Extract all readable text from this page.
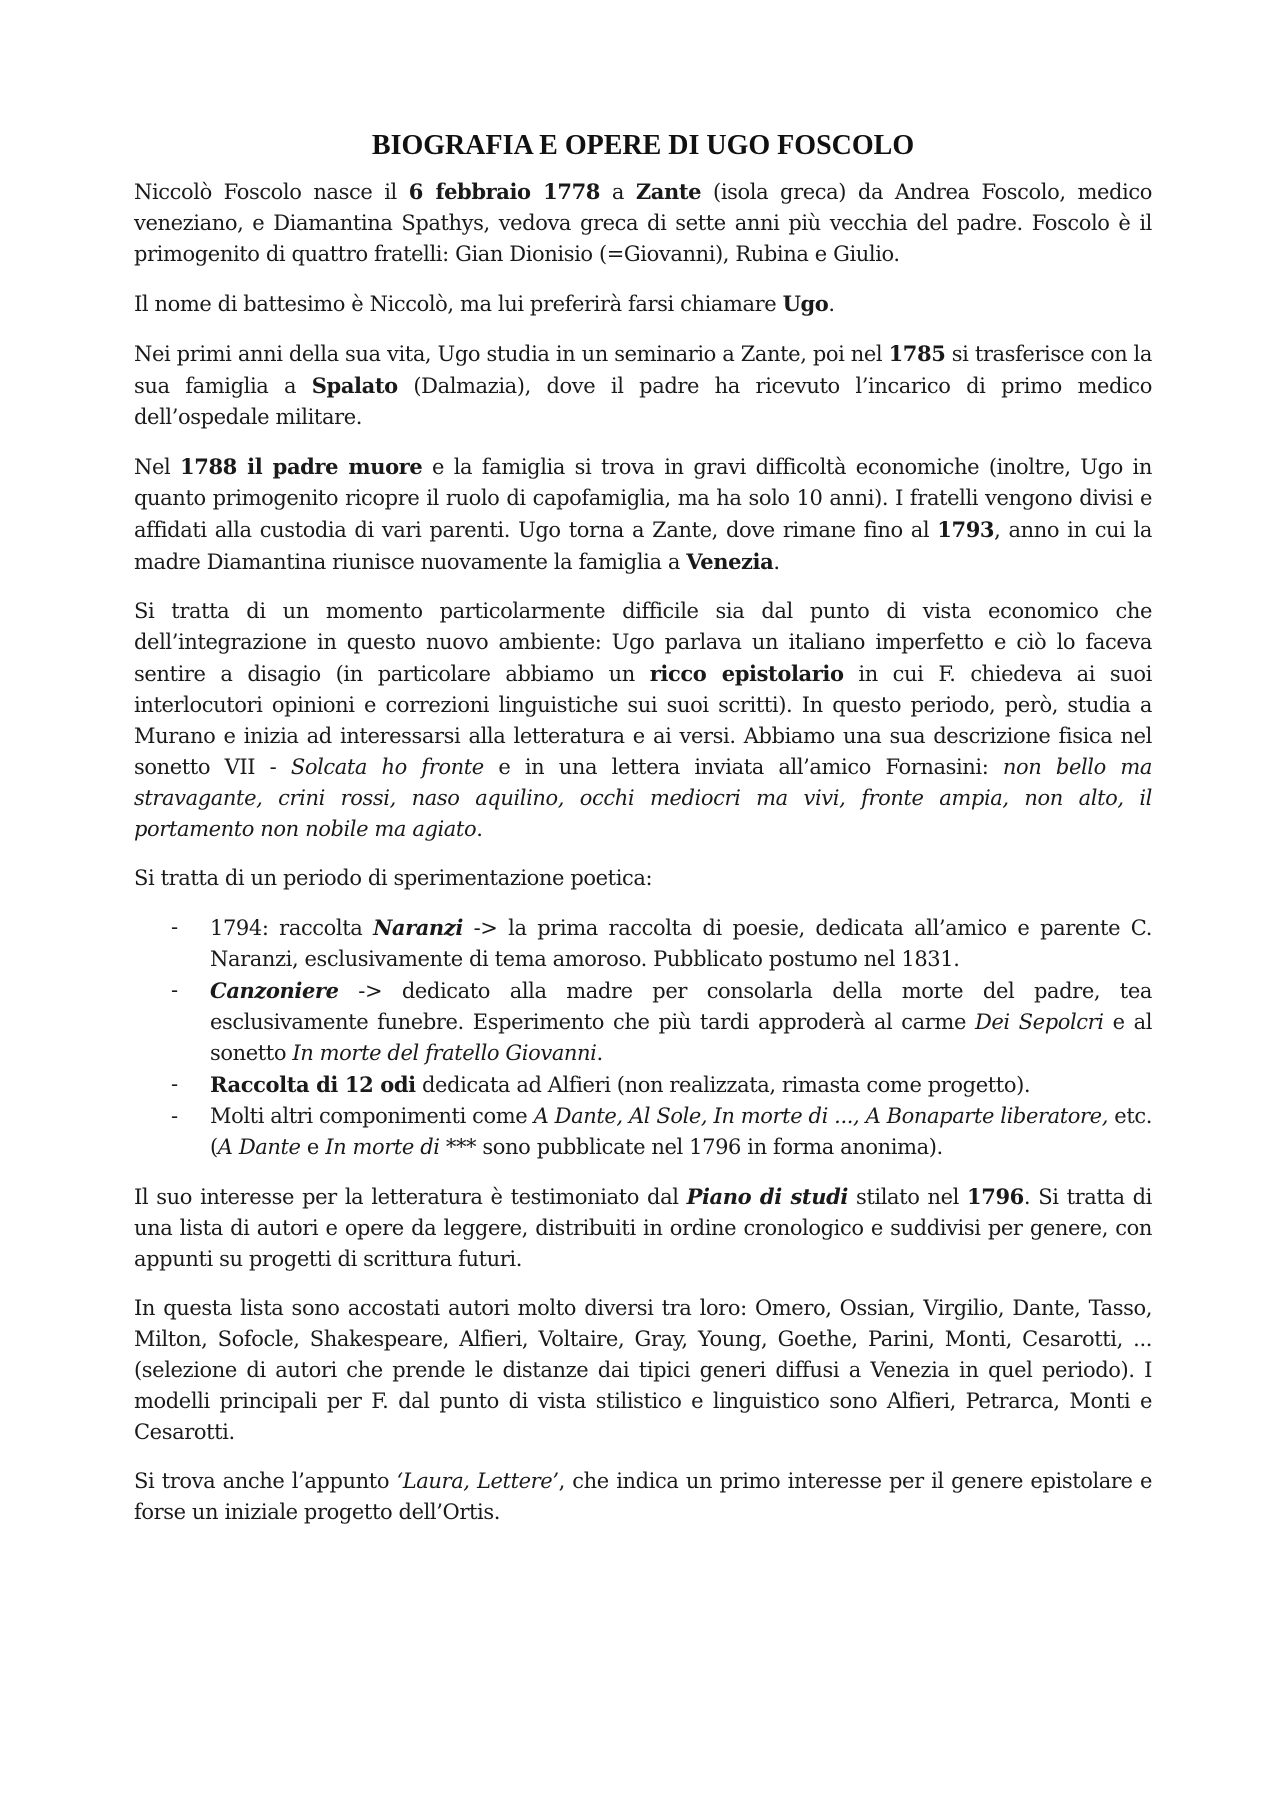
BIOGRAFIA E OPERE DI UGO FOSCOLO

Niccolò Foscolo nasce il 6 febbraio 1778 a Zante (isola greca) da Andrea Foscolo, medico veneziano, e Diamantina Spathys, vedova greca di sette anni più vecchia del padre. Foscolo è il primogenito di quattro fratelli: Gian Dionisio (=Giovanni), Rubina e Giulio.

Il nome di battesimo è Niccolò, ma lui preferirà farsi chiamare Ugo.

Nei primi anni della sua vita, Ugo studia in un seminario a Zante, poi nel 1785 si trasferisce con la sua famiglia a Spalato (Dalmazia), dove il padre ha ricevuto l’incarico di primo medico dell’ospedale militare.

Nel 1788 il padre muore e la famiglia si trova in gravi difficoltà economiche (inoltre, Ugo in quanto primogenito ricopre il ruolo di capofamiglia, ma ha solo 10 anni). I fratelli vengono divisi e affidati alla custodia di vari parenti. Ugo torna a Zante, dove rimane fino al 1793, anno in cui la madre Diamantina riunisce nuovamente la famiglia a Venezia.

Si tratta di un momento particolarmente difficile sia dal punto di vista economico che dell’integrazione in questo nuovo ambiente: Ugo parlava un italiano imperfetto e ciò lo faceva sentire a disagio (in particolare abbiamo un ricco epistolario in cui F. chiedeva ai suoi interlocutori opinioni e correzioni linguistiche sui suoi scritti). In questo periodo, però, studia a Murano e inizia ad interessarsi alla letteratura e ai versi. Abbiamo una sua descrizione fisica nel sonetto VII - Solcata ho fronte e in una lettera inviata all’amico Fornasini: non bello ma stravagante, crini rossi, naso aquilino, occhi mediocri ma vivi, fronte ampia, non alto, il portamento non nobile ma agiato.

Si tratta di un periodo di sperimentazione poetica:

- 1794: raccolta Naranzi -> la prima raccolta di poesie, dedicata all’amico e parente C. Naranzi, esclusivamente di tema amoroso. Pubblicato postumo nel 1831.
- Canzoniere -> dedicato alla madre per consolarla della morte del padre, tea esclusivamente funebre. Esperimento che più tardi approderà al carme Dei Sepolcri e al sonetto In morte del fratello Giovanni.
- Raccolta di 12 odi dedicata ad Alfieri (non realizzata, rimasta come progetto).
- Molti altri componimenti come A Dante, Al Sole, In morte di ..., A Bonaparte liberatore, etc. (A Dante e In morte di *** sono pubblicate nel 1796 in forma anonima).

Il suo interesse per la letteratura è testimoniato dal Piano di studi stilato nel 1796. Si tratta di una lista di autori e opere da leggere, distribuiti in ordine cronologico e suddivisi per genere, con appunti su progetti di scrittura futuri.

In questa lista sono accostati autori molto diversi tra loro: Omero, Ossian, Virgilio, Dante, Tasso, Milton, Sofocle, Shakespeare, Alfieri, Voltaire, Gray, Young, Goethe, Parini, Monti, Cesarotti, ... (selezione di autori che prende le distanze dai tipici generi diffusi a Venezia in quel periodo). I modelli principali per F. dal punto di vista stilistico e linguistico sono Alfieri, Petrarca, Monti e Cesarotti.

Si trova anche l’appunto ‘Laura, Lettere’, che indica un primo interesse per il genere epistolare e forse un iniziale progetto dell’Ortis.
